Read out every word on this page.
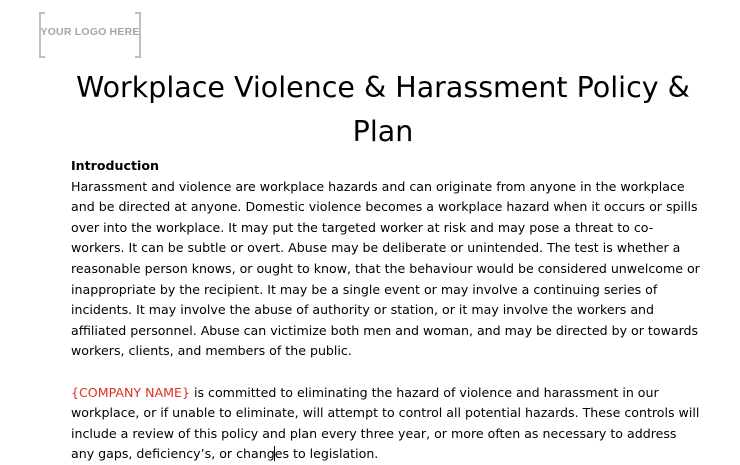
YOUR LOGO HERE
Workplace Violence & Harassment Policy &
Plan
Introduction

Harassment and violence are workplace hazards and can originate from anyone in the workplace and be directed at anyone. Domestic violence becomes a workplace hazard when it occurs or spills over into the workplace. It may put the targeted worker at risk and may pose a threat to co-workers. It can be subtle or overt. Abuse may be deliberate or unintended. The test is whether a reasonable person knows, or ought to know, that the behaviour would be considered unwelcome or inappropriate by the recipient. It may be a single event or may involve a continuing series of incidents. It may involve the abuse of authority or station, or it may involve the workers and affiliated personnel. Abuse can victimize both men and woman, and may be directed by or towards workers, clients, and members of the public.

{COMPANY NAME} is committed to eliminating the hazard of violence and harassment in our workplace, or if unable to eliminate, will attempt to control all potential hazards. These controls will include a review of this policy and plan every three year, or more often as necessary to address any gaps, deficiency’s, or changes to legislation.
